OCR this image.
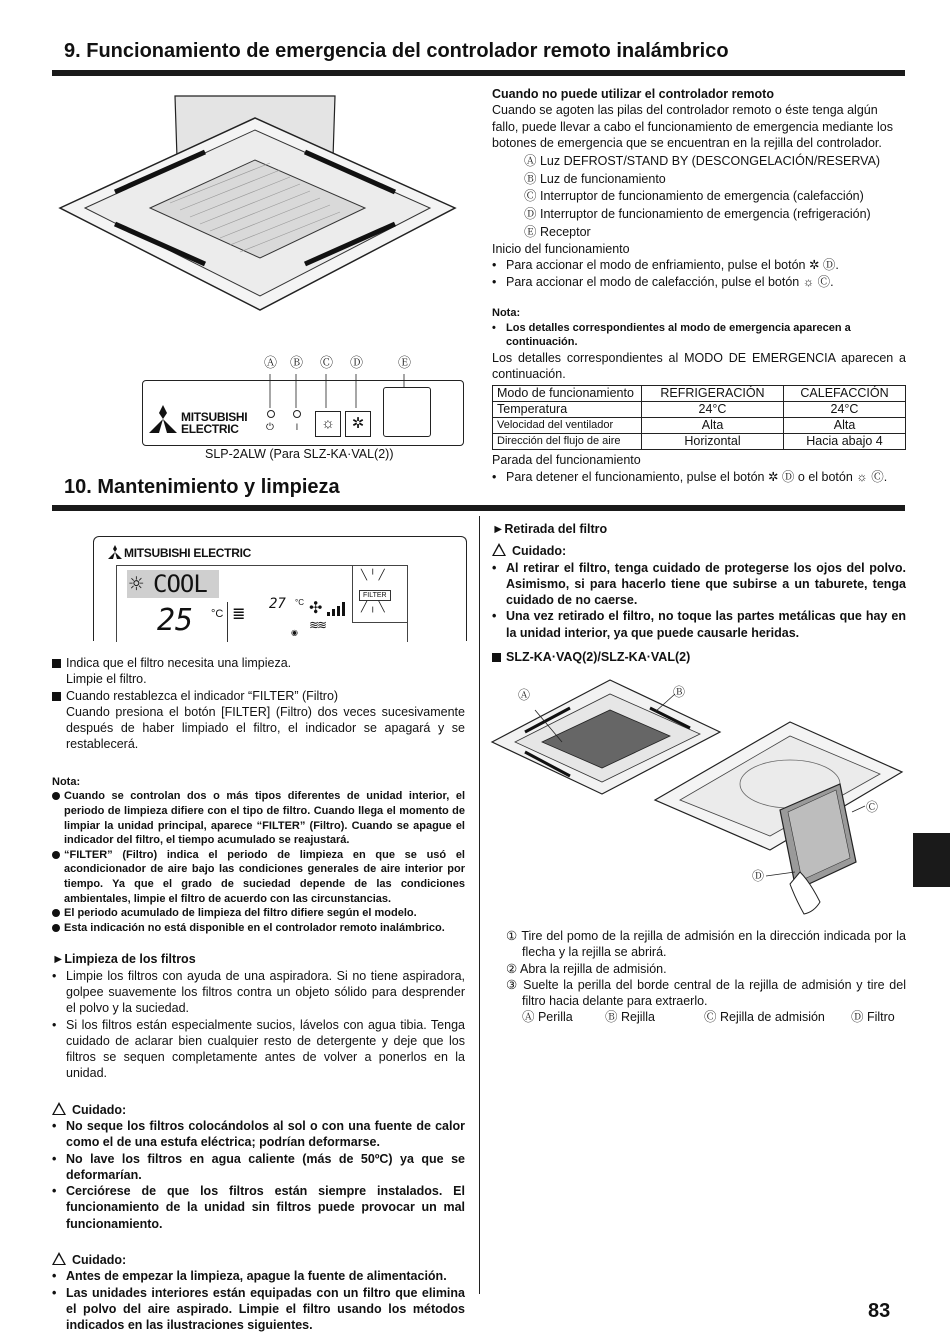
9. Funcionamiento de emergencia del controlador remoto inalámbrico
Ⓐ Ⓑ Ⓒ Ⓓ	Ⓔ
MITSUBISHI
ELECTRIC	⏻ ⏽	☼	✲
SLP-2ALW (Para SLZ-KA·VAL(2))
Cuando no puede utilizar el controlador remoto
Cuando se agoten las pilas del controlador remoto o éste tenga algún fallo, puede llevar a cabo el funcionamiento de emergencia mediante los botones de emergencia que se encuentran en la rejilla del controlador.
Ⓐ Luz DEFROST/STAND BY (DESCONGELACIÓN/RESERVA)
Ⓑ Luz de funcionamiento
Ⓒ Interruptor de funcionamiento de emergencia (calefacción)
Ⓓ Interruptor de funcionamiento de emergencia (refrigeración)
Ⓔ Receptor
Inicio del funcionamiento
• Para accionar el modo de enfriamiento, pulse el botón ✲ Ⓓ.
• Para accionar el modo de calefacción, pulse el botón ☼ Ⓒ.
Nota:
• Los detalles correspondientes al modo de emergencia aparecen a continuación.
Los detalles correspondientes al MODO DE EMERGENCIA aparecen a continuación.
Modo de funcionamiento	REFRIGERACIÓN	CALEFACCIÓN
Temperatura	24°C	24°C
Velocidad del ventilador	Alta	Alta
Dirección del flujo de aire	Horizontal	Hacia abajo 4
Parada del funcionamiento
• Para detener el funcionamiento, pulse el botón ✲ Ⓓ o el botón ☼ Ⓒ.
10. Mantenimiento y limpieza
MITSUBISHI ELECTRIC
☼ COOL
25 °C ≣
27 °C ✣
≋≋
◉
FILTER
╲ ╵ ╱
╱ ╷ ╲
Indica que el filtro necesita una limpieza.
Limpie el filtro.
Cuando restablezca el indicador “FILTER” (Filtro)
Cuando presiona el botón [FILTER] (Filtro) dos veces sucesivamente después de haber limpiado el filtro, el indicador se apagará y se restablecerá.
Nota:
Cuando se controlan dos o más tipos diferentes de unidad interior, el periodo de limpieza difiere con el tipo de filtro. Cuando llega el momento de limpiar la unidad principal, aparece “FILTER” (Filtro). Cuando se apague el indicador del filtro, el tiempo acumulado se reajustará.
“FILTER” (Filtro) indica el periodo de limpieza en que se usó el acondicionador de aire bajo las condiciones generales de aire interior por tiempo. Ya que el grado de suciedad depende de las condiciones ambientales, limpie el filtro de acuerdo con las circunstancias.
El periodo acumulado de limpieza del filtro difiere según el modelo.
Esta indicación no está disponible en el controlador remoto inalámbrico.
►Limpieza de los filtros
• Limpie los filtros con ayuda de una aspiradora. Si no tiene aspiradora, golpee suavemente los filtros contra un objeto sólido para desprender el polvo y la suciedad.
• Si los filtros están especialmente sucios, lávelos con agua tibia. Tenga cuidado de aclarar bien cualquier resto de detergente y deje que los filtros se sequen completamente antes de volver a ponerlos en la unidad.
Cuidado:
• No seque los filtros colocándolos al sol o con una fuente de calor como el de una estufa eléctrica; podrían deformarse.
• No lave los filtros en agua caliente (más de 50ºC) ya que se deformarían.
• Cerciórese de que los filtros están siempre instalados. El funcionamiento de la unidad sin filtros puede provocar un mal funcionamiento.
Cuidado:
• Antes de empezar la limpieza, apague la fuente de alimentación.
• Las unidades interiores están equipadas con un filtro que elimina el polvo del aire aspirado. Limpie el filtro usando los métodos indicados en las ilustraciones siguientes.
►Retirada del filtro
Cuidado:
• Al retirar el filtro, tenga cuidado de protegerse los ojos del polvo. Asimismo, si para hacerlo tiene que subirse a un taburete, tenga cuidado de no caerse.
• Una vez retirado el filtro, no toque las partes metálicas que hay en la unidad interior, ya que puede causarle heridas.
SLZ-KA·VAQ(2)/SLZ-KA·VAL(2)
Ⓐ	Ⓑ
Ⓒ
Ⓓ
① Tire del pomo de la rejilla de admisión en la dirección indicada por la flecha y la rejilla se abrirá.
② Abra la rejilla de admisión.
③ Suelte la perilla del borde central de la rejilla de admisión y tire del filtro hacia delante para extraerlo.
Ⓐ Perilla	Ⓑ Rejilla	Ⓒ Rejilla de admisión Ⓓ Filtro
83
